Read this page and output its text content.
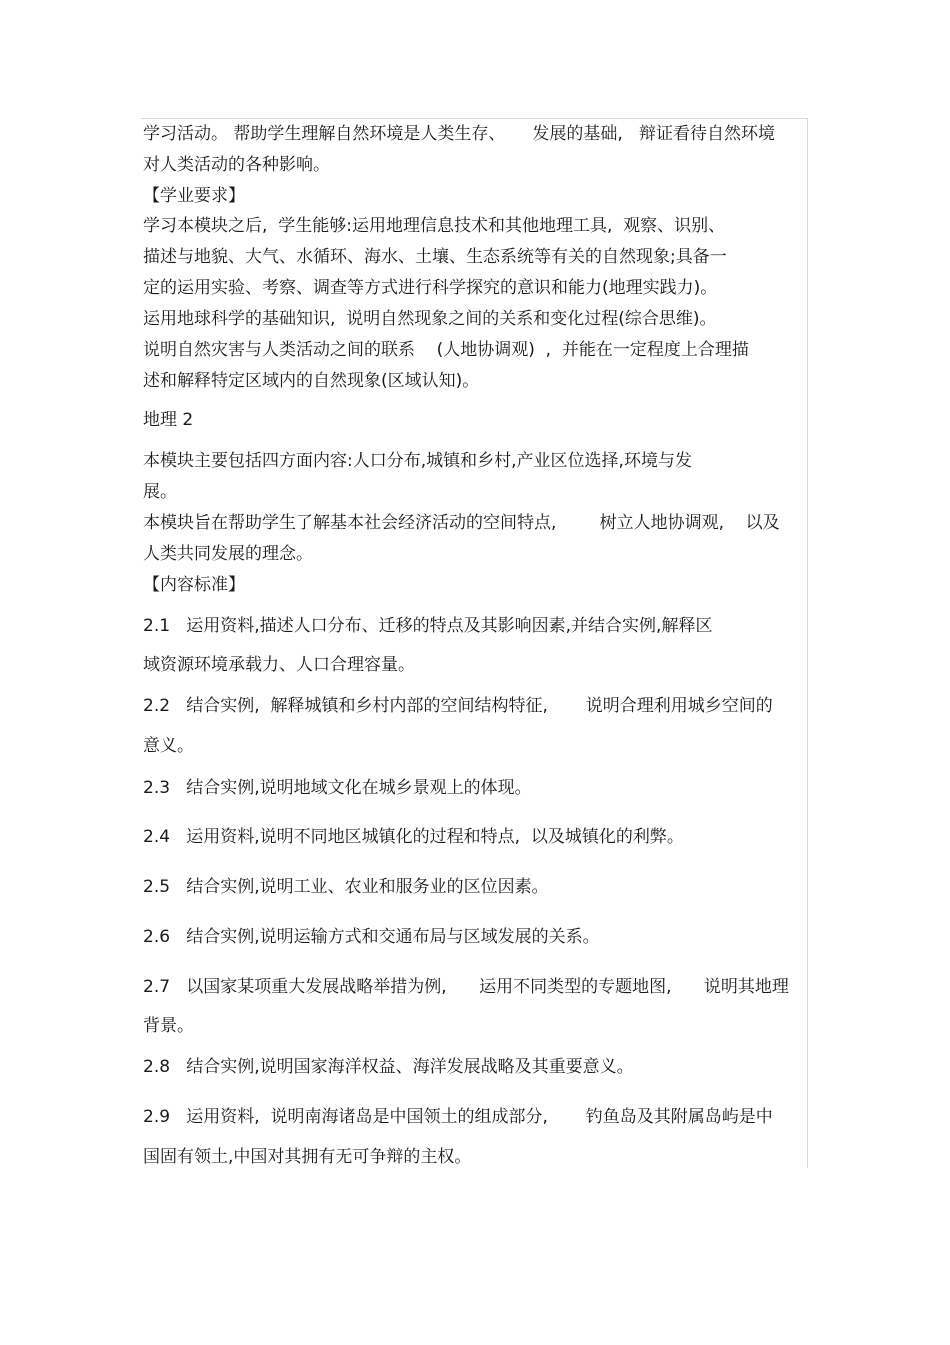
学习活动。 帮助学生理解自然环境是人类生存、     发展的基础,   辩证看待自然环境

对人类活动的各种影响。

【学业要求】

学习本模块之后,  学生能够:运用地理信息技术和其他地理工具,  观察、识别、

描述与地貌、大气、水循环、海水、土壤、生态系统等有关的自然现象;具备一

定的运用实验、考察、调查等方式进行科学探究的意识和能力(地理实践力)。

运用地球科学的基础知识,  说明自然现象之间的关系和变化过程(综合思维)。

说明自然灾害与人类活动之间的联系    (人地协调观)  ,  并能在一定程度上合理描

述和解释特定区域内的自然现象(区域认知)。

地理 2

本模块主要包括四方面内容:人口分布,城镇和乡村,产业区位选择,环境与发

展。

本模块旨在帮助学生了解基本社会经济活动的空间特点,        树立人地协调观,    以及

人类共同发展的理念。

【内容标准】

2.1   运用资料,描述人口分布、迁移的特点及其影响因素,并结合实例,解释区

域资源环境承载力、人口合理容量。

2.2   结合实例,  解释城镇和乡村内部的空间结构特征,       说明合理利用城乡空间的

意义。

2.3   结合实例,说明地域文化在城乡景观上的体现。

2.4   运用资料,说明不同地区城镇化的过程和特点,  以及城镇化的利弊。

2.5   结合实例,说明工业、农业和服务业的区位因素。

2.6   结合实例,说明运输方式和交通布局与区域发展的关系。

2.7   以国家某项重大发展战略举措为例,      运用不同类型的专题地图,      说明其地理

背景。

2.8   结合实例,说明国家海洋权益、海洋发展战略及其重要意义。

2.9   运用资料,  说明南海诸岛是中国领土的组成部分,       钓鱼岛及其附属岛屿是中

国固有领土,中国对其拥有无可争辩的主权。
